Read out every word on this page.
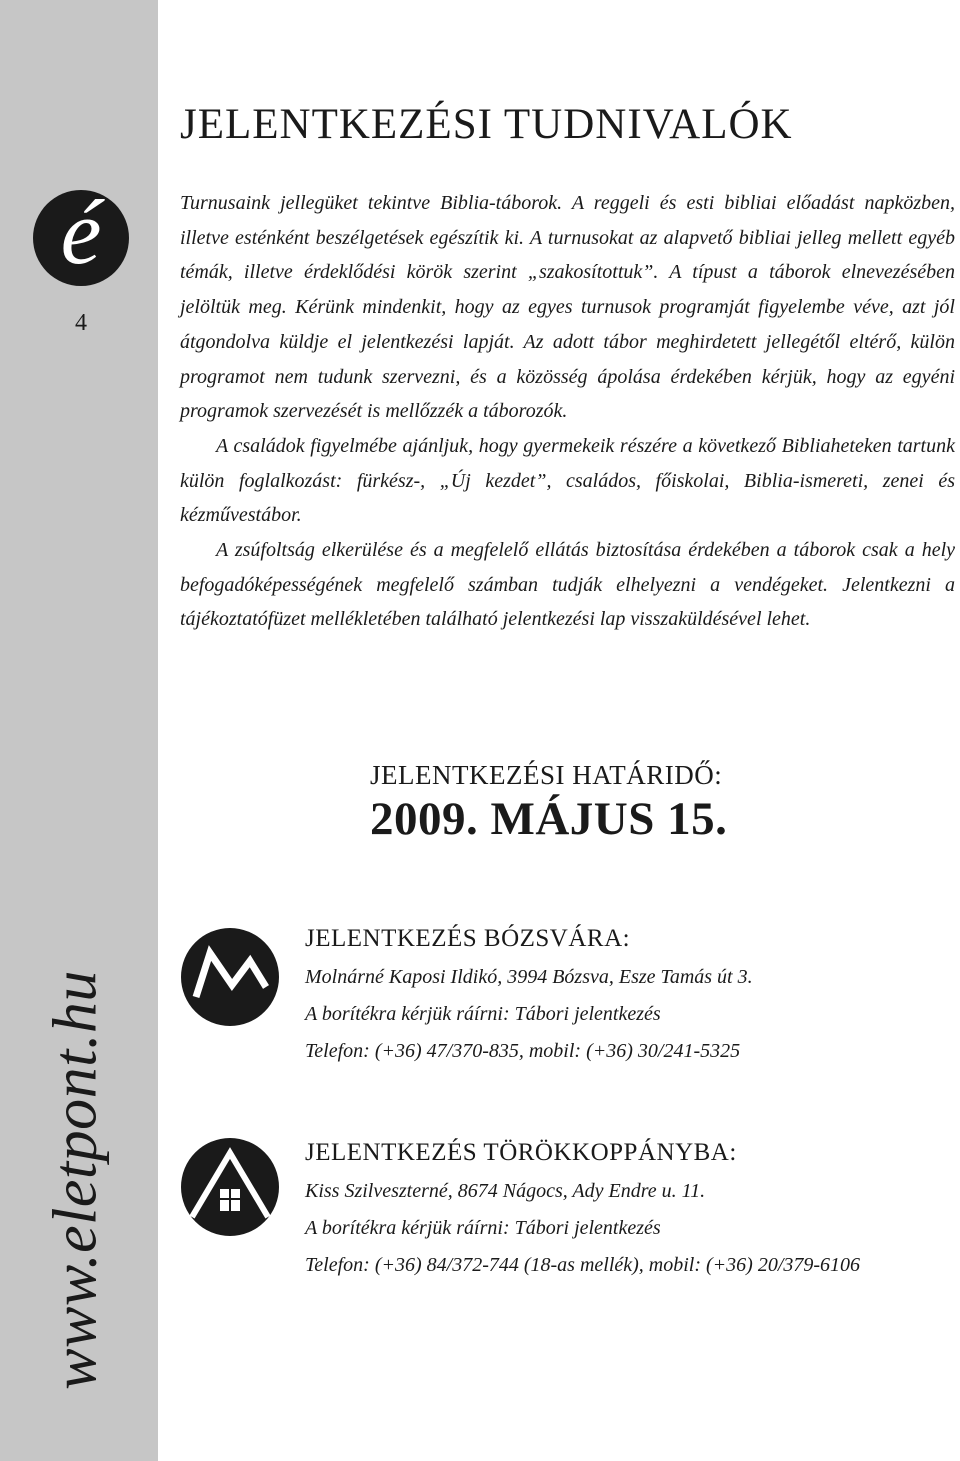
é
4
www.eletpont.hu
JELENTKEZÉSI TUDNIVALÓK

Turnusaink jellegüket tekintve Biblia-táborok. A reggeli és esti bibliai előadást napközben, illetve esténként beszélgetések egészítik ki. A turnusokat az alapvető bibliai jelleg mellett egyéb témák, illetve érdeklődési körök szerint „szakosítottuk”. A típust a táborok elnevezésében jelöltük meg. Kérünk mindenkit, hogy az egyes turnusok programját figyelembe véve, azt jól átgondolva küldje el jelentkezési lapját. Az adott tábor meghirdetett jellegétől eltérő, külön programot nem tudunk szervezni, és a közösség ápolása érdekében kérjük, hogy az egyéni programok szervezését is mellőzzék a táborozók.

A családok figyelmébe ajánljuk, hogy gyermekeik részére a következő Bibliaheteken tartunk külön foglalkozást: fürkész-, „Új kezdet”, családos, főiskolai, Biblia-ismereti, zenei és kézművestábor.

A zsúfoltság elkerülése és a megfelelő ellátás biztosítása érdekében a táborok csak a hely befogadóképességének megfelelő számban tudják elhelyezni a vendégeket. Jelentkezni a tájékoztatófüzet mellékletében található jelentkezési lap visszaküldésével lehet.

JELENTKEZÉSI HATÁRIDŐ:
2009. MÁJUS 15.
JELENTKEZÉS BÓZSVÁRA:
Molnárné Kaposi Ildikó, 3994 Bózsva, Esze Tamás út 3.
A borítékra kérjük ráírni: Tábori jelentkezés
Telefon: (+36) 47/370-835, mobil: (+36) 30/241-5325
JELENTKEZÉS TÖRÖKKOPPÁNYBA:
Kiss Szilveszterné, 8674 Nágocs, Ady Endre u. 11.
A borítékra kérjük ráírni: Tábori jelentkezés
Telefon: (+36) 84/372-744 (18-as mellék), mobil: (+36) 20/379-6106
